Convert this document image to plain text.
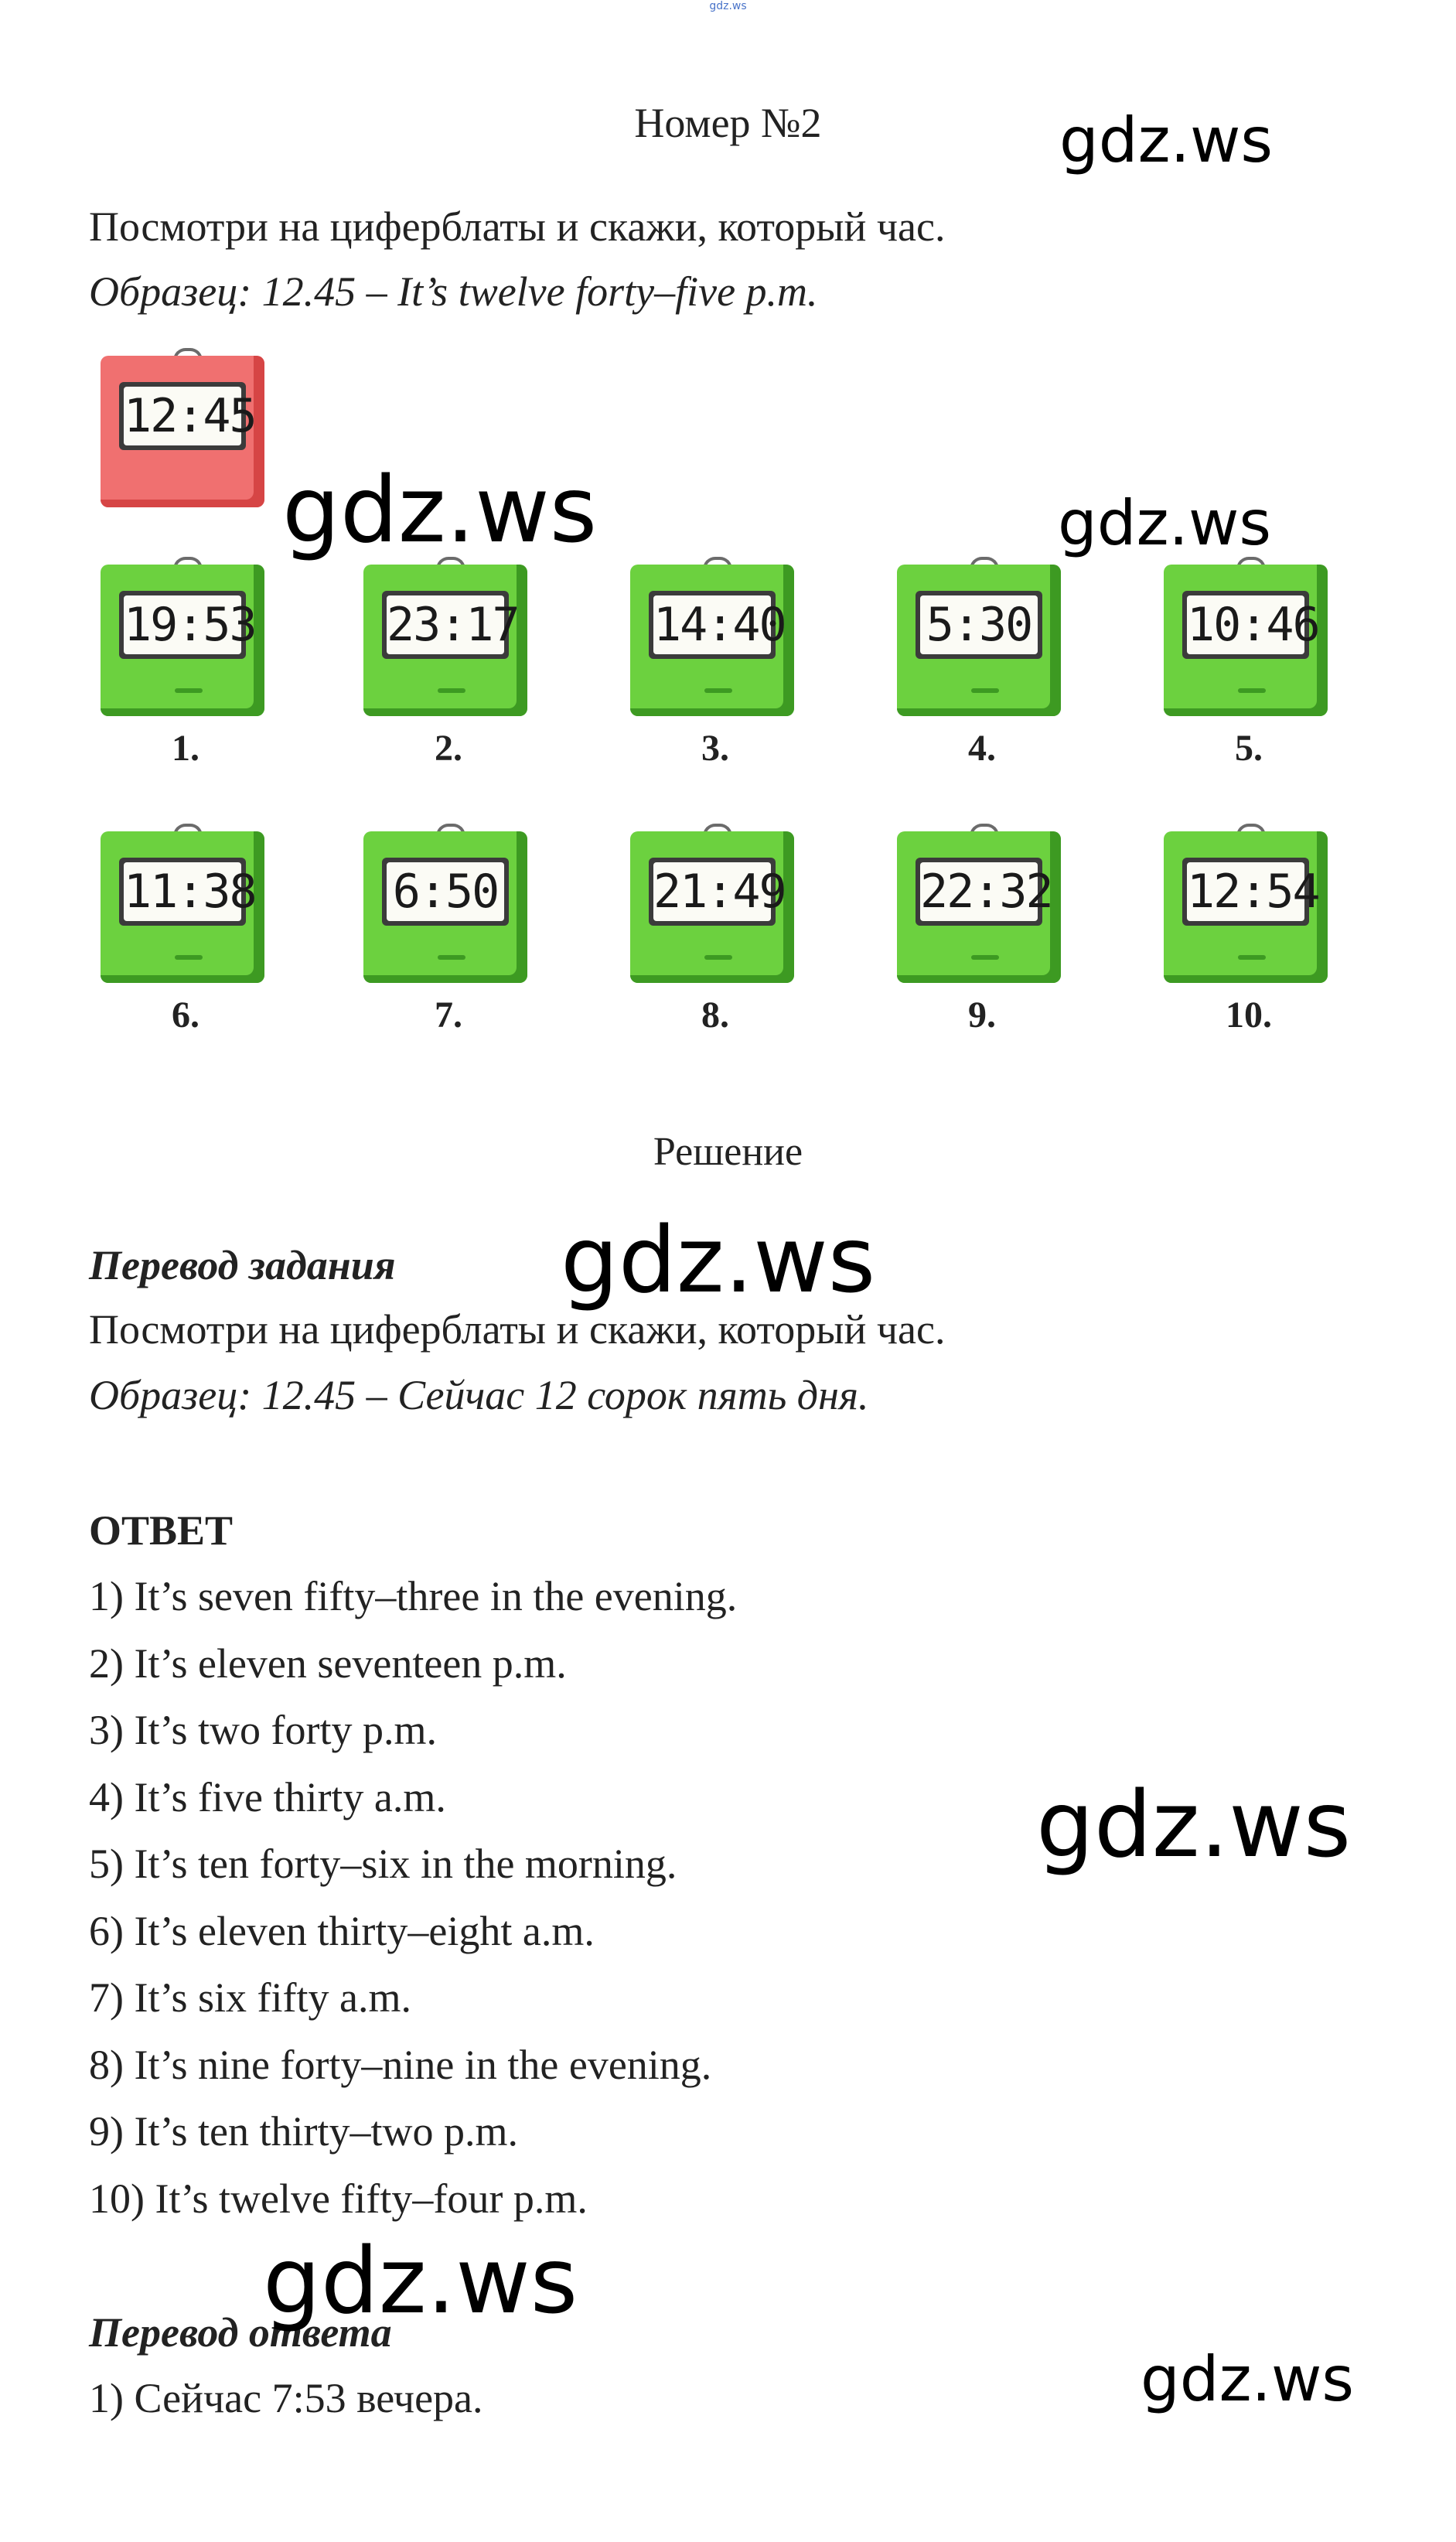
gdz.ws
Номер №2
Посмотри на циферблаты и скажи, который час.
Образец: 12.45 – It’s twelve forty–five p.m.
12:45
19:53
1.
23:17
2.
14:40
3.
5:30
4.
10:46
5.
11:38
6.
6:50
7.
21:49
8.
22:32
9.
12:54
10.
Решение
Перевод задания
Посмотри на циферблаты и скажи, который час.
Образец: 12.45 – Сейчас 12 сорок пять дня.
ОТВЕТ
1) It’s seven fifty–three in the evening.
2) It’s eleven seventeen p.m.
3) It’s two forty p.m.
4) It’s five thirty a.m.
5) It’s ten forty–six in the morning.
6) It’s eleven thirty–eight a.m.
7) It’s six fifty a.m.
8) It’s nine forty–nine in the evening.
9) It’s ten thirty–two p.m.
10) It’s twelve fifty–four p.m.
Перевод ответа
1) Сейчас 7:53 вечера.
gdz.ws
gdz.ws	gdz.ws
gdz.ws
gdz.ws
gdz.ws
gdz.ws
